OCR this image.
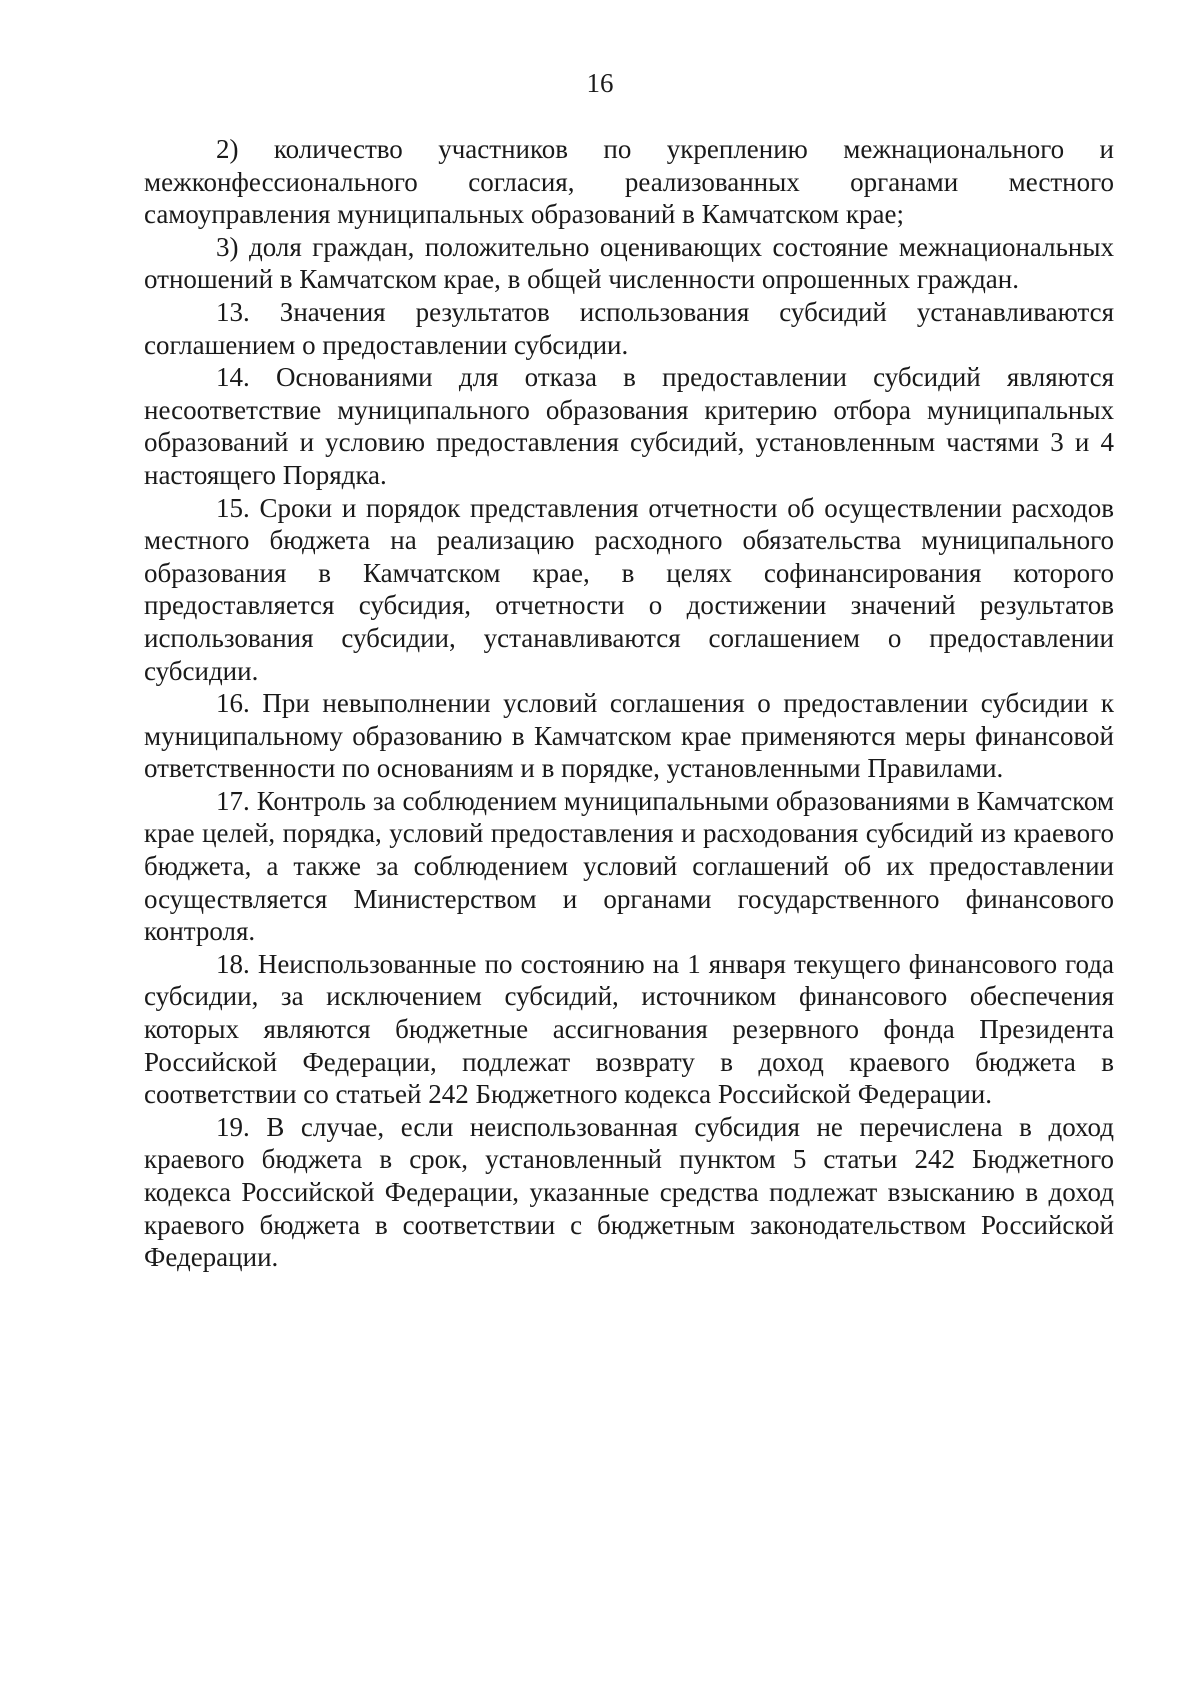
16

2) количество участников по укреплению межнационального и межконфессионального согласия, реализованных органами местного самоуправления муниципальных образований в Камчатском крае;

3) доля граждан, положительно оценивающих состояние межнациональных отношений в Камчатском крае, в общей численности опрошенных граждан.

13. Значения результатов использования субсидий устанавливаются соглашением о предоставлении субсидии.

14. Основаниями для отказа в предоставлении субсидий являются несоответствие муниципального образования критерию отбора муниципальных образований и условию предоставления субсидий, установленным частями 3 и 4 настоящего Порядка.

15. Сроки и порядок представления отчетности об осуществлении расходов местного бюджета на реализацию расходного обязательства муниципального образования в Камчатском крае, в целях софинансирования которого предоставляется субсидия, отчетности о достижении значений результатов использования субсидии, устанавливаются соглашением о предоставлении субсидии.

16. При невыполнении условий соглашения о предоставлении субсидии к муниципальному образованию в Камчатском крае применяются меры финансовой ответственности по основаниям и в порядке, установленными Правилами.

17. Контроль за соблюдением муниципальными образованиями в Камчатском крае целей, порядка, условий предоставления и расходования субсидий из краевого бюджета, а также за соблюдением условий соглашений об их предоставлении осуществляется Министерством и органами государственного финансового контроля.

18. Неиспользованные по состоянию на 1 января текущего финансового года субсидии, за исключением субсидий, источником финансового обеспечения которых являются бюджетные ассигнования резервного фонда Президента Российской Федерации, подлежат возврату в доход краевого бюджета в соответствии со статьей 242 Бюджетного кодекса Российской Федерации.

19. В случае, если неиспользованная субсидия не перечислена в доход краевого бюджета в срок, установленный пунктом 5 статьи 242 Бюджетного кодекса Российской Федерации, указанные средства подлежат взысканию в доход краевого бюджета в соответствии с бюджетным законодательством Российской Федерации.
